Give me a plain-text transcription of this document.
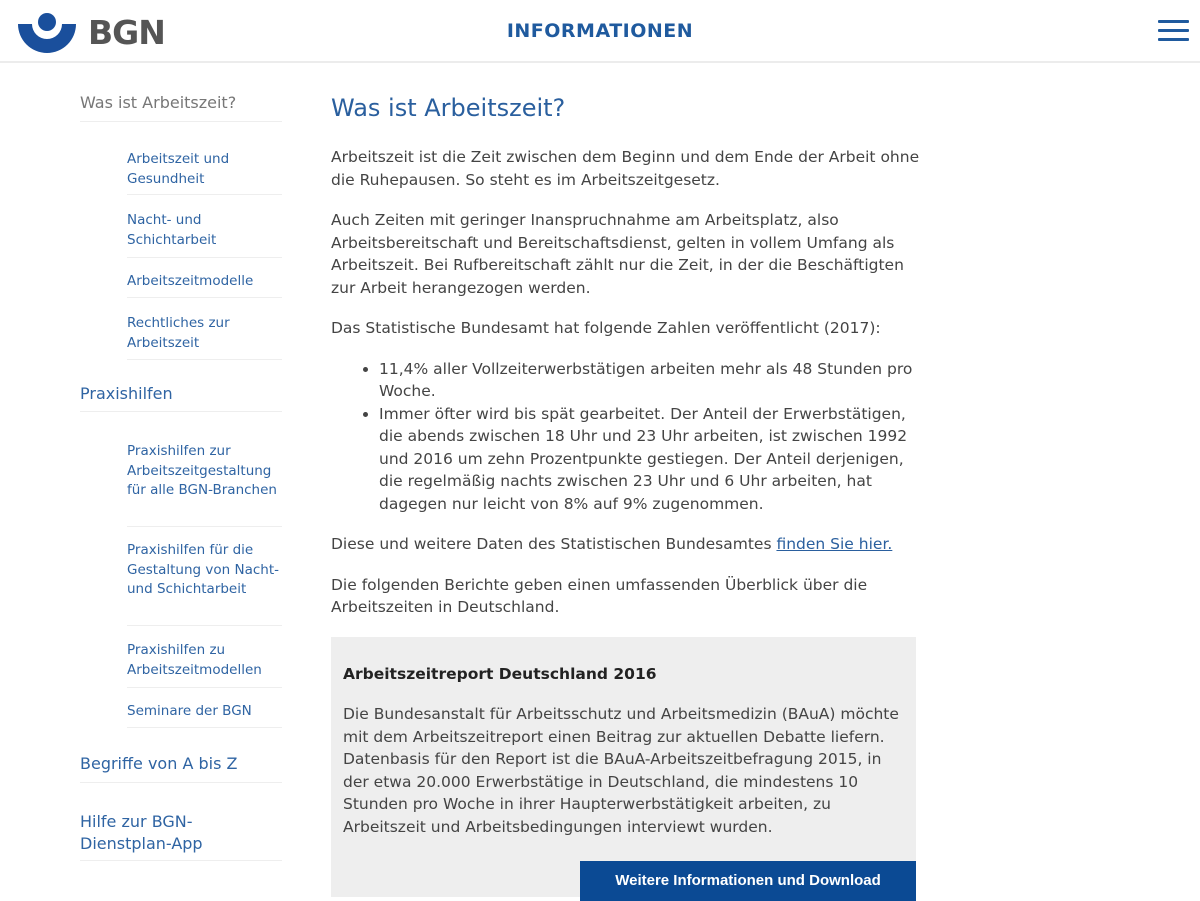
BGN	INFORMATIONEN
Was ist Arbeitszeit?
Arbeitszeit und Gesundheit
Nacht- und Schichtarbeit
Arbeitszeitmodelle
Rechtliches zur Arbeitszeit
Praxishilfen
Praxishilfen zur Arbeitszeitgestaltung für alle BGN-Branchen
Praxishilfen für die Gestaltung von Nacht- und Schichtarbeit
Praxishilfen zu Arbeitszeitmodellen
Seminare der BGN
Begriffe von A bis Z
Hilfe zur BGN-Dienstplan-App
Was ist Arbeitszeit?

Arbeitszeit ist die Zeit zwischen dem Beginn und dem Ende der Arbeit ohne die Ruhepausen. So steht es im Arbeitszeitgesetz.

Auch Zeiten mit geringer Inanspruchnahme am Arbeitsplatz, also Arbeitsbereitschaft und Bereitschaftsdienst, gelten in vollem Umfang als Arbeitszeit. Bei Rufbereitschaft zählt nur die Zeit, in der die Beschäftigten zur Arbeit herangezogen werden.

Das Statistische Bundesamt hat folgende Zahlen veröffentlicht (2017):

• 11,4% aller Vollzeiterwerbstätigen arbeiten mehr als 48 Stunden pro Woche.
• Immer öfter wird bis spät gearbeitet. Der Anteil der Erwerbstätigen, die abends zwischen 18 Uhr und 23 Uhr arbeiten, ist zwischen 1992 und 2016 um zehn Prozentpunkte gestiegen. Der Anteil derjenigen, die regelmäßig nachts zwischen 23 Uhr und 6 Uhr arbeiten, hat dagegen nur leicht von 8% auf 9% zugenommen.

Diese und weitere Daten des Statistischen Bundesamtes finden Sie hier.

Die folgenden Berichte geben einen umfassenden Überblick über die Arbeitszeiten in Deutschland.

Arbeitszeitreport Deutschland 2016

Die Bundesanstalt für Arbeitsschutz und Arbeitsmedizin (BAuA) möchte mit dem Arbeitszeitreport einen Beitrag zur aktuellen Debatte liefern. Datenbasis für den Report ist die BAuA-Arbeitszeitbefragung 2015, in der etwa 20.000 Erwerbstätige in Deutschland, die mindestens 10 Stunden pro Woche in ihrer Haupterwerbstätigkeit arbeiten, zu Arbeitszeit und Arbeitsbedingungen interviewt wurden.

Weitere Informationen und Download
